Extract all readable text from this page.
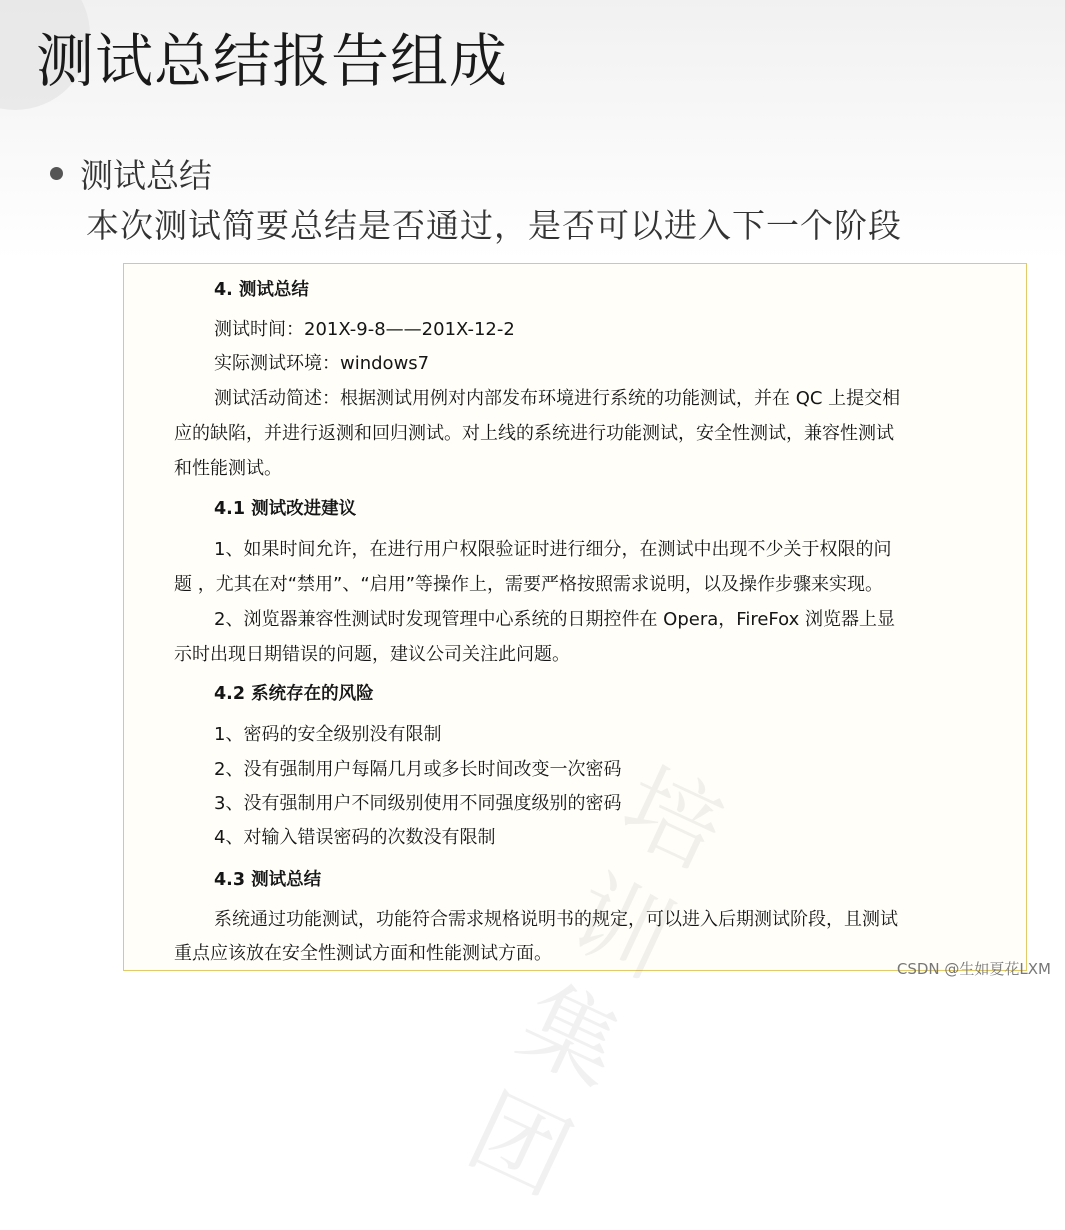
测试总结报告组成
测试总结
本次测试简要总结是否通过，是否可以进入下一个阶段
培训集团
4. 测试总结
测试时间：201X-9-8——201X-12-2
实际测试环境：windows7
测试活动简述：根据测试用例对内部发布环境进行系统的功能测试，并在 QC 上提交相
应的缺陷，并进行返测和回归测试。对上线的系统进行功能测试，安全性测试，兼容性测试
和性能测试。
4.1 测试改进建议
1、如果时间允许，在进行用户权限验证时进行细分，在测试中出现不少关于权限的问
题 ，尤其在对“禁用”、“启用”等操作上，需要严格按照需求说明，以及操作步骤来实现。
2、浏览器兼容性测试时发现管理中心系统的日期控件在 Opera，FireFox 浏览器上显
示时出现日期错误的问题，建议公司关注此问题。
4.2 系统存在的风险
1、密码的安全级别没有限制
2、没有强制用户每隔几月或多长时间改变一次密码
3、没有强制用户不同级别使用不同强度级别的密码
4、对输入错误密码的次数没有限制
4.3 测试总结
系统通过功能测试，功能符合需求规格说明书的规定，可以进入后期测试阶段，且测试
重点应该放在安全性测试方面和性能测试方面。
CSDN @生如夏花LXM
